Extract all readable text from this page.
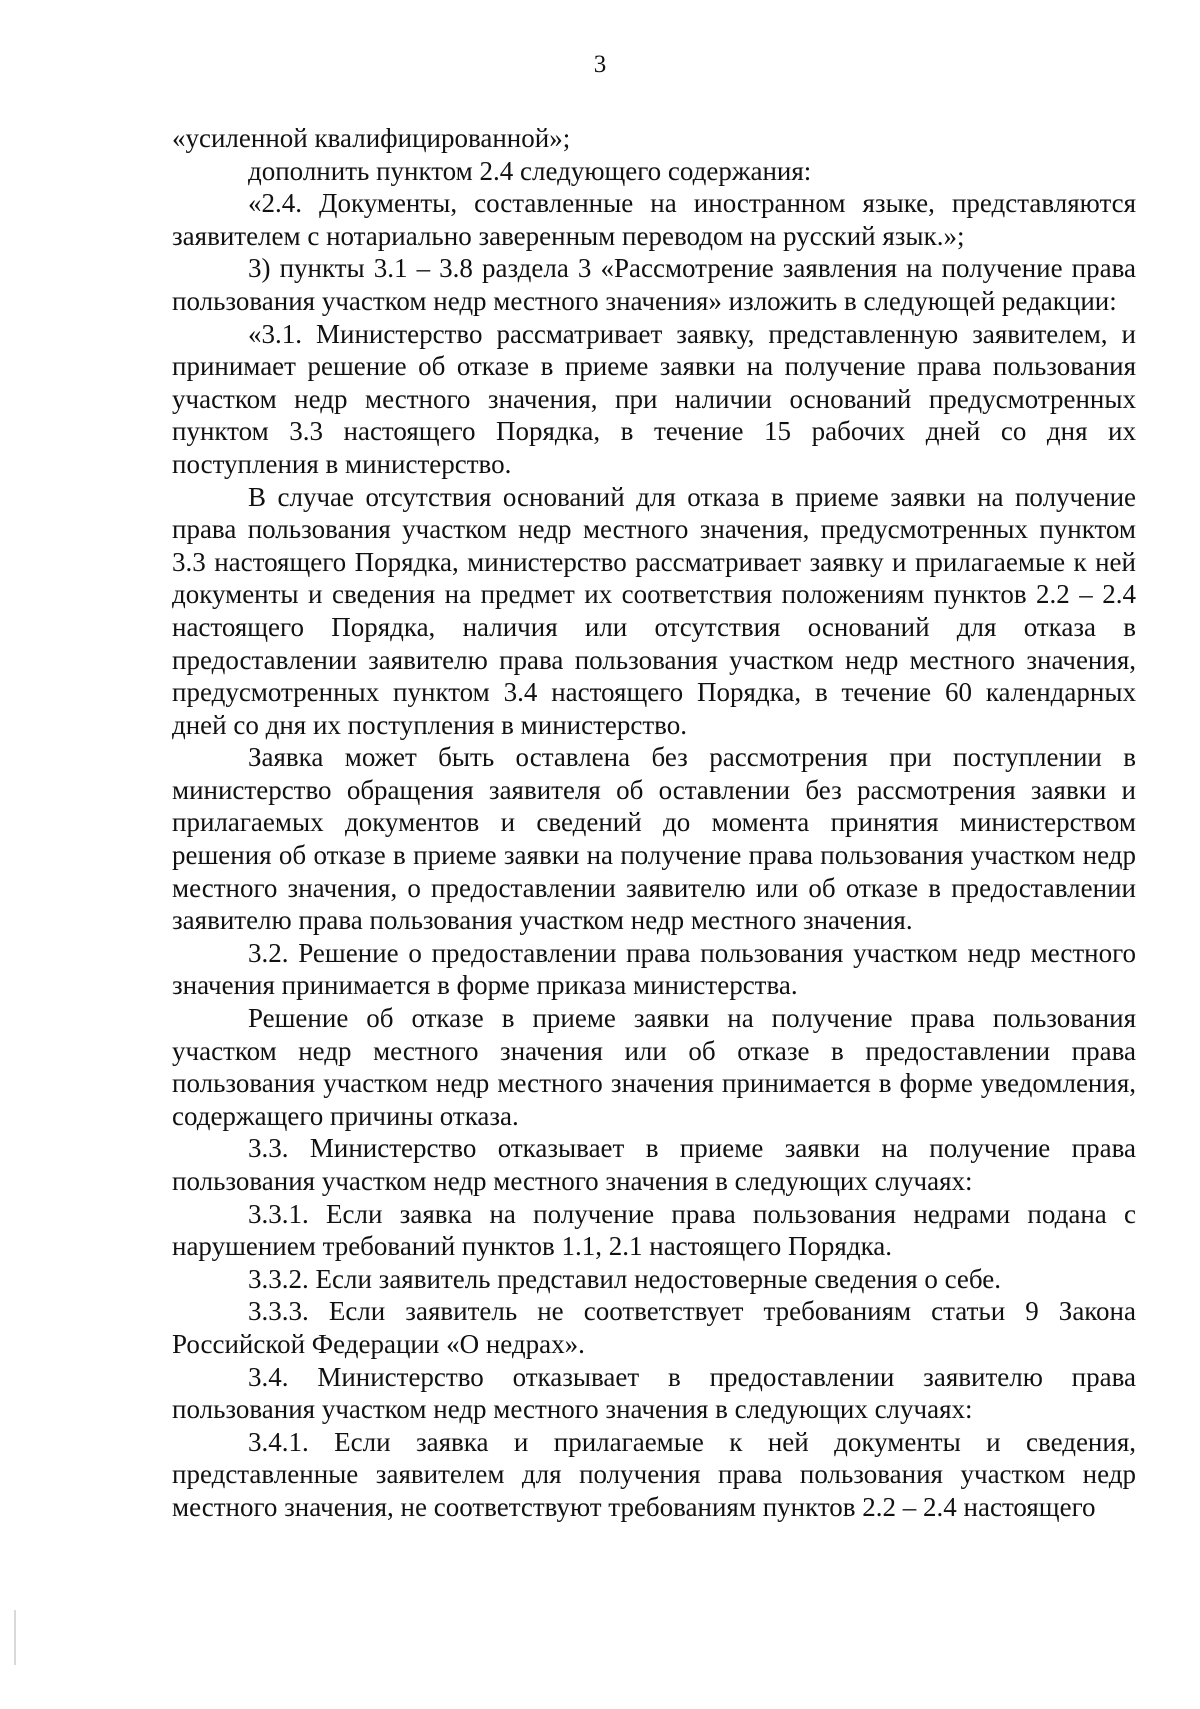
3

«усиленной квалифицированной»;

дополнить пунктом 2.4 следующего содержания:

«2.4. Документы, составленные на иностранном языке, представляются заявителем с нотариально заверенным переводом на русский язык.»;

3) пункты 3.1 – 3.8 раздела 3 «Рассмотрение заявления на получение права пользования участком недр местного значения» изложить в следующей редакции:

«3.1. Министерство рассматривает заявку, представленную заявителем, и принимает решение об отказе в приеме заявки на получение права пользования участком недр местного значения, при наличии оснований предусмотренных пунктом 3.3 настоящего Порядка, в течение 15 рабочих дней со дня их поступления в министерство.

В случае отсутствия оснований для отказа в приеме заявки на получение права пользования участком недр местного значения, предусмотренных пунктом 3.3 настоящего Порядка, министерство рассматривает заявку и прилагаемые к ней документы и сведения на предмет их соответствия положениям пунктов 2.2 – 2.4 настоящего Порядка, наличия или отсутствия оснований для отказа в предоставлении заявителю права пользования участком недр местного значения, предусмотренных пунктом 3.4 настоящего Порядка, в течение 60 календарных дней со дня их поступления в министерство.

Заявка может быть оставлена без рассмотрения при поступлении в министерство обращения заявителя об оставлении без рассмотрения заявки и прилагаемых документов и сведений до момента принятия министерством решения об отказе в приеме заявки на получение права пользования участком недр местного значения, о предоставлении заявителю или об отказе в предоставлении заявителю права пользования участком недр местного значения.

3.2. Решение о предоставлении права пользования участком недр местного значения принимается в форме приказа министерства.

Решение об отказе в приеме заявки на получение права пользования участком недр местного значения или об отказе в предоставлении права пользования участком недр местного значения принимается в форме уведомления, содержащего причины отказа.

3.3. Министерство отказывает в приеме заявки на получение права пользования участком недр местного значения в следующих случаях:

3.3.1. Если заявка на получение права пользования недрами подана с нарушением требований пунктов 1.1, 2.1 настоящего Порядка.

3.3.2. Если заявитель представил недостоверные сведения о себе.

3.3.3. Если заявитель не соответствует требованиям статьи 9 Закона Российской Федерации «О недрах».

3.4. Министерство отказывает в предоставлении заявителю права пользования участком недр местного значения в следующих случаях:

3.4.1. Если заявка и прилагаемые к ней документы и сведения, представленные заявителем для получения права пользования участком недр местного значения, не соответствуют требованиям пунктов 2.2 – 2.4 настоящего
